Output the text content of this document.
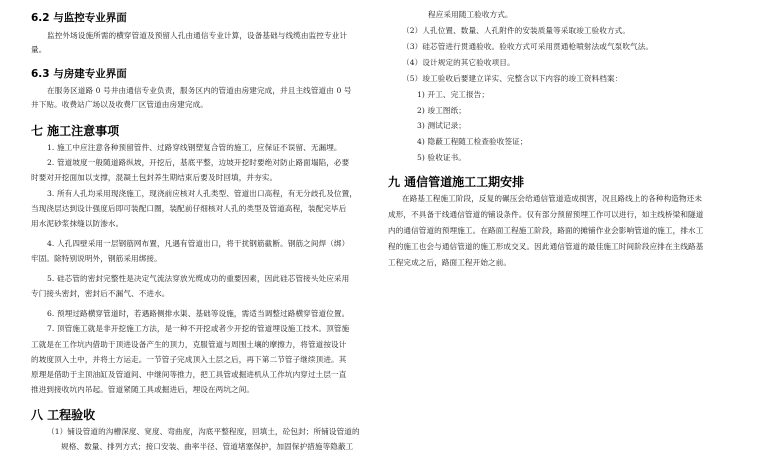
6.2 与监控专业界面
监控外场设施所需的横穿管道及预留人孔由通信专业计算，设备基础与线缆由监控专业计
量。
6.3 与房建专业界面
在服务区道路 0 号井由通信专业负责，服务区内的管道由房建完成，并且主线管道由 0 号
井下贴。收费站广场以及收费厂区管道由房建完成。
七 施工注意事项
1. 施工中应注意各种预留管件、过路穿线钢塑复合管的施工，应保证不误留、无漏埋。
2. 管道坡度一般随道路纵坡，开挖后，基底平整，边坡开挖时要绝对防止路面塌陷，必要
时要对开挖面加以支撑，混凝土包封养生期结束后要及时回填，并夯实。
3. 所有人孔均采用现浇施工，现浇前应核对人孔类型、管道出口高程，有无分歧孔及位置，
当现浇层达到设计强度后即可装配口圈，装配前仔细核对人孔的类型及管道高程，装配完毕后
用水泥砂浆抹缝以防渗水。
4. 人孔四壁采用一层钢筋网布置，凡遇有管道出口，将干扰钢筋截断。钢筋之间焊（绑）
牢固。除特别说明外，钢筋采用绑接。
5. 硅芯管的密封完整性是决定气流法穿放光缆成功的重要因素，因此硅芯管接头处应采用
专门接头密封，密封后不漏气、不进水。
6. 预埋过路横穿管道时，若遇路侧排水渠、基础等设施，需适当调整过路横穿管道位置。
7. 顶管施工就是非开挖施工方法，是一种不开挖或者少开挖的管道埋设施工技术。顶管施
工就是在工作坑内借助于顶进设备产生的顶力，克服管道与周围土壤的摩擦力，将管道按设计
的坡度顶入土中，并将土方运走。一节管子完成顶入土层之后，再下第二节管子继续顶进。其
原理是借助于主顶油缸及管道间、中继间等推力，把工具管或掘进机从工作坑内穿过土层一直
推进到接收坑内吊起。管道紧随工具或掘进后，埋设在两坑之间。
八 工程验收
（1）铺设管道的沟槽深度、宽度、弯曲度，沟底平整程度，回填土，砼包封；所铺设管道的
规格、数量、排列方式；接口安装、曲率半径、管道堵塞保护，加固保护措施等隐蔽工
程应采用随工验收方式。
（2）人孔位置、数量、人孔附件的安装质量等采取竣工验收方式。
（3）硅芯管进行贯通验收。验收方式可采用贯通枪喷射法或气泵吹气法。
（4）设计规定的其它验收项目。
（5）竣工验收后要建立详实、完整含以下内容的竣工资料档案：
1) 开工、完工报告；
2) 竣工图纸；
3) 测试记录；
4) 隐蔽工程随工检查验收签证；
5) 验收证书。
九 通信管道施工工期安排
在路基工程施工阶段，反复的碾压会给通信管道造成损害，况且路线上的各种构造物还未
成形，不具备干线通信管道的铺设条件。仅有部分预留预埋工作可以进行，如主线桥梁和隧道
内的通信管道的预埋施工。在路面工程施工阶段，路面的摊铺作业会影响管道的施工，排水工
程的施工也会与通信管道的施工形成交叉。因此通信管道的最佳施工时间阶段应排在主线路基
工程完成之后，路面工程开始之前。
